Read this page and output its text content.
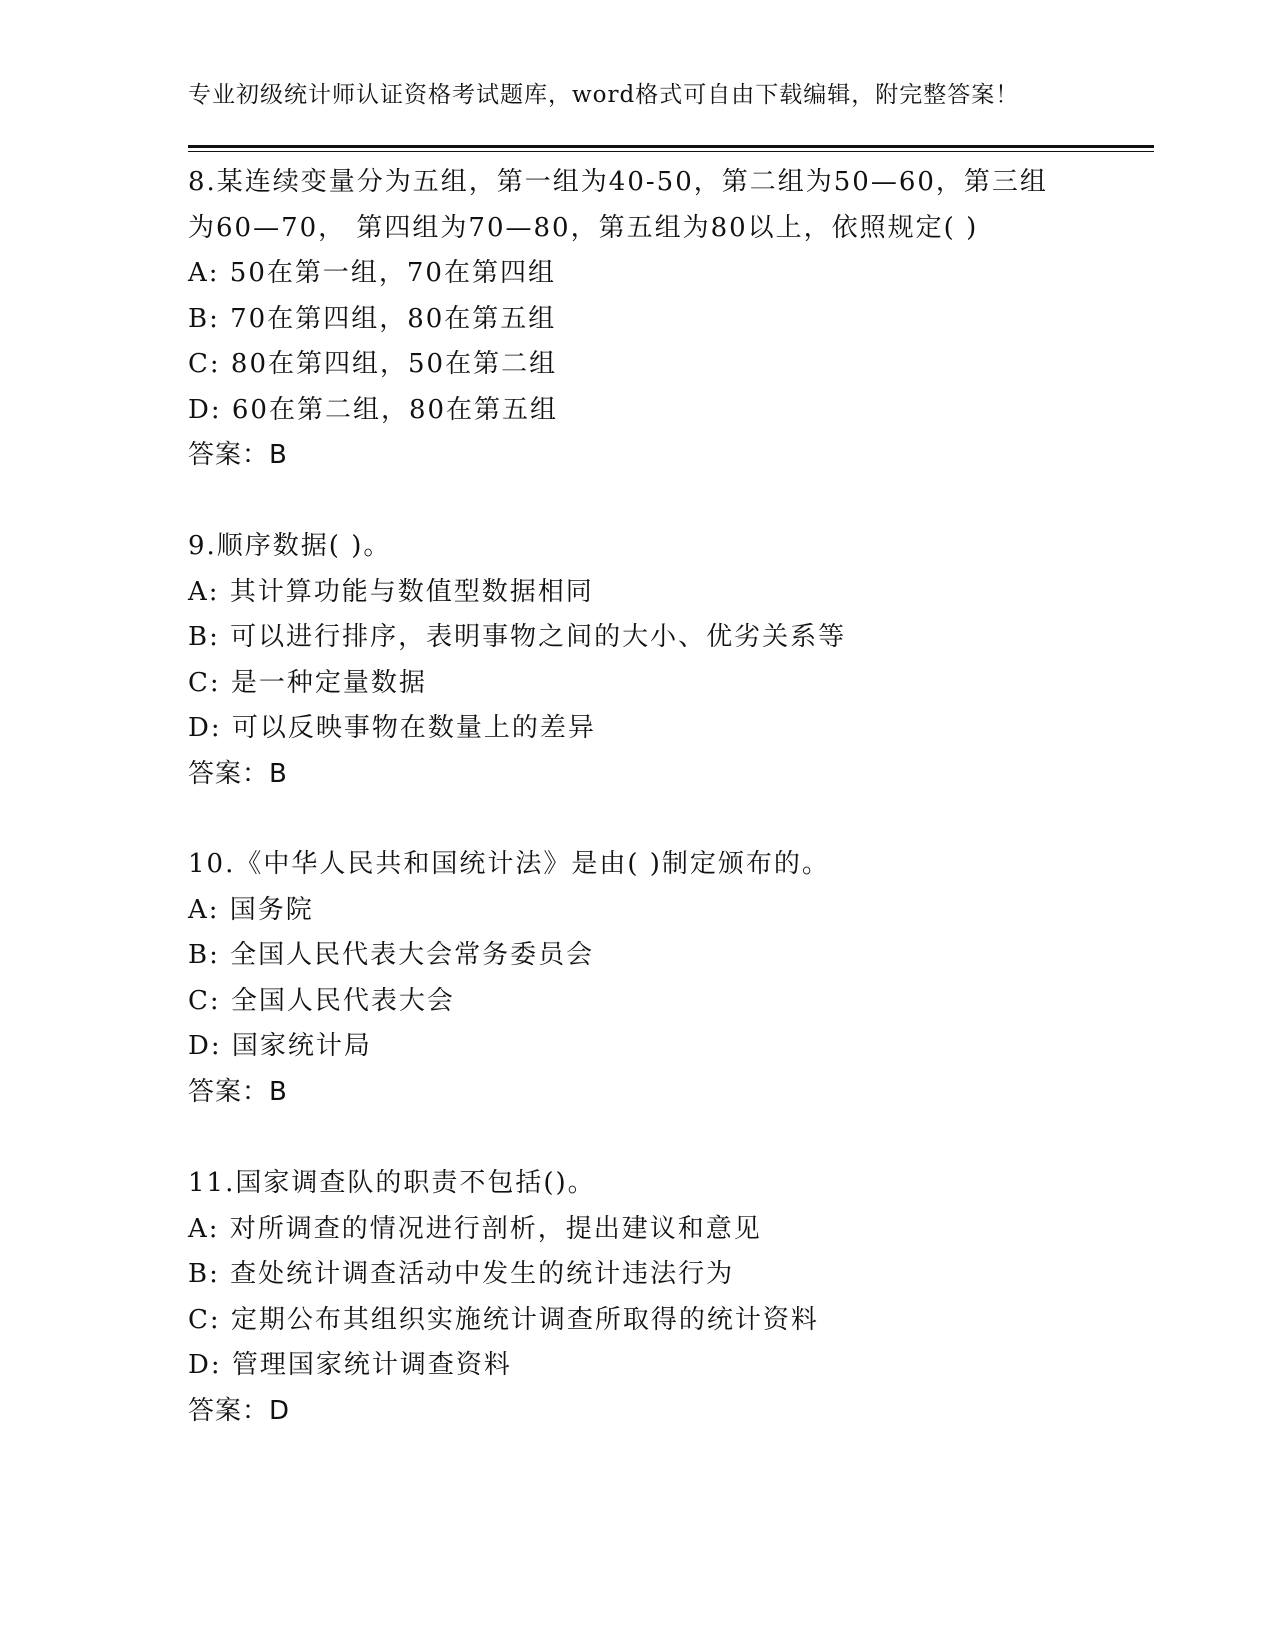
专业初级统计师认证资格考试题库，word格式可自由下载编辑，附完整答案！
8.某连续变量分为五组，第一组为40-50，第二组为50—60，第三组
为60—70， 第四组为70—80，第五组为80以上，依照规定( )
A: 50在第一组，70在第四组
B: 70在第四组，80在第五组
C: 80在第四组，50在第二组
D: 60在第二组，80在第五组
答案：B
9.顺序数据( )。
A: 其计算功能与数值型数据相同
B: 可以进行排序，表明事物之间的大小、优劣关系等
C: 是一种定量数据
D: 可以反映事物在数量上的差异
答案：B
10.《中华人民共和国统计法》是由( )制定颁布的。
A: 国务院
B: 全国人民代表大会常务委员会
C: 全国人民代表大会
D: 国家统计局
答案：B
11.国家调查队的职责不包括()。
A: 对所调查的情况进行剖析，提出建议和意见
B: 查处统计调查活动中发生的统计违法行为
C: 定期公布其组织实施统计调查所取得的统计资料
D: 管理国家统计调查资料
答案：D
